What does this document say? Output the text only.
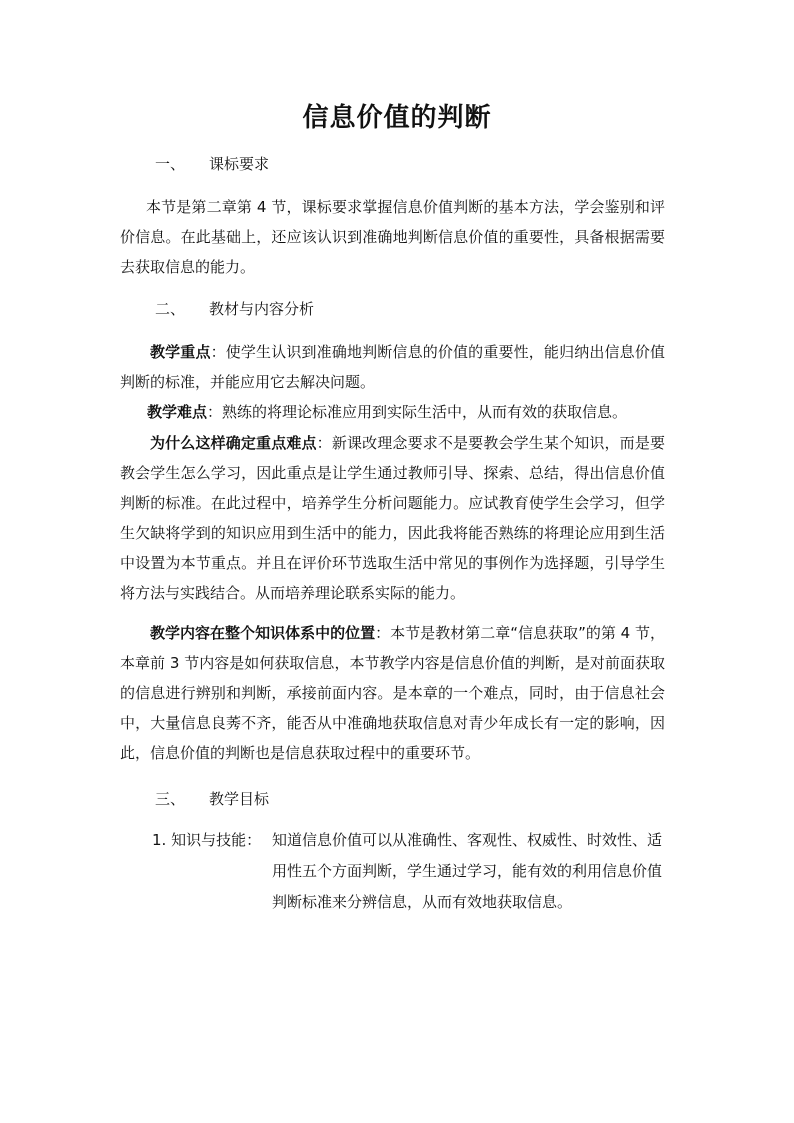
信息价值的判断
一、 课标要求
本节是第二章第 4 节，课标要求掌握信息价值判断的基本方法，学会鉴别和评价信息。在此基础上，还应该认识到准确地判断信息价值的重要性，具备根据需要去获取信息的能力。
二、 教材与内容分析
教学重点：使学生认识到准确地判断信息的价值的重要性，能归纳出信息价值判断的标准，并能应用它去解决问题。
教学难点：熟练的将理论标准应用到实际生活中，从而有效的获取信息。
为什么这样确定重点难点：新课改理念要求不是要教会学生某个知识，而是要教会学生怎么学习，因此重点是让学生通过教师引导、探索、总结，得出信息价值判断的标准。在此过程中，培养学生分析问题能力。应试教育使学生会学习，但学生欠缺将学到的知识应用到生活中的能力，因此我将能否熟练的将理论应用到生活中设置为本节重点。并且在评价环节选取生活中常见的事例作为选择题，引导学生将方法与实践结合。从而培养理论联系实际的能力。
教学内容在整个知识体系中的位置：本节是教材第二章“信息获取”的第 4 节，本章前 3 节内容是如何获取信息，本节教学内容是信息价值的判断，是对前面获取的信息进行辨别和判断，承接前面内容。是本章的一个难点，同时，由于信息社会中，大量信息良莠不齐，能否从中准确地获取信息对青少年成长有一定的影响，因此，信息价值的判断也是信息获取过程中的重要环节。
三、 教学目标
1. 知识与技能： 知道信息价值可以从准确性、客观性、权威性、时效性、适用性五个方面判断，学生通过学习，能有效的利用信息价值判断标准来分辨信息，从而有效地获取信息。
